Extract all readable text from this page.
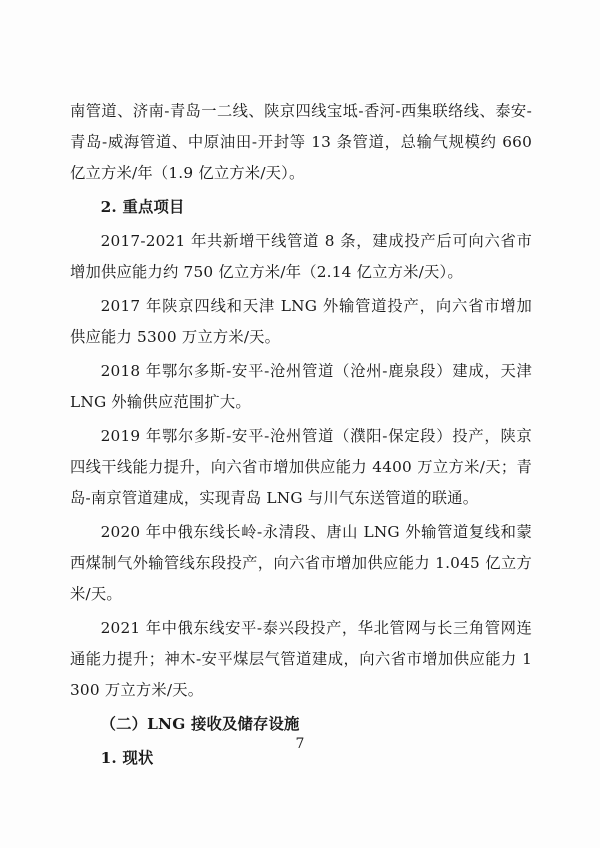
南管道、济南-青岛一二线、陕京四线宝坻-香河-西集联络线、泰安-青岛-威海管道、中原油田-开封等 13 条管道，总输气规模约 660 亿立方米/年（1.9 亿立方米/天）。

2. 重点项目

2017-2021 年共新增干线管道 8 条，建成投产后可向六省市增加供应能力约 750 亿立方米/年（2.14 亿立方米/天）。

2017 年陕京四线和天津 LNG 外输管道投产，向六省市增加供应能力 5300 万立方米/天。

2018 年鄂尔多斯-安平-沧州管道（沧州-鹿泉段）建成，天津 LNG 外输供应范围扩大。

2019 年鄂尔多斯-安平-沧州管道（濮阳-保定段）投产，陕京四线干线能力提升，向六省市增加供应能力 4400 万立方米/天；青岛-南京管道建成，实现青岛 LNG 与川气东送管道的联通。

2020 年中俄东线长岭-永清段、唐山 LNG 外输管道复线和蒙西煤制气外输管线东段投产，向六省市增加供应能力 1.045 亿立方米/天。

2021 年中俄东线安平-泰兴段投产，华北管网与长三角管网连通能力提升；神木-安平煤层气管道建成，向六省市增加供应能力 1300 万立方米/天。

（二）LNG 接收及储存设施

1. 现状

7
